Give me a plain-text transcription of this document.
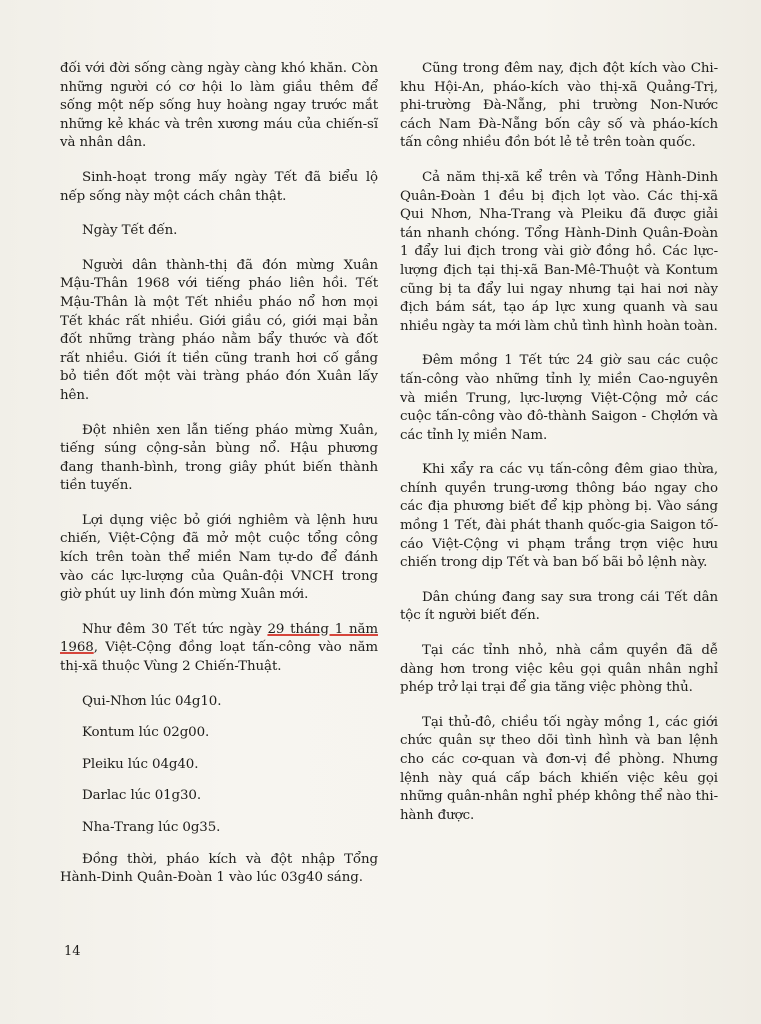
đối với đời sống càng ngày càng khó khăn. Còn những người có cơ hội lo làm giầu thêm để sống một nếp sống huy hoàng ngay trước mắt những kẻ khác và trên xương máu của chiến-sĩ và nhân dân.

Sinh-hoạt trong mấy ngày Tết đã biểu lộ nếp sống này một cách chân thật.

Ngày Tết đến.

Người dân thành-thị đã đón mừng Xuân Mậu-Thân 1968 với tiếng pháo liên hồi. Tết Mậu-Thân là một Tết nhiều pháo nổ hơn mọi Tết khác rất nhiều. Giới giầu có, giới mại bản đốt những tràng pháo nằm bẩy thước và đốt rất nhiều. Giới ít tiền cũng tranh hơi cố gắng bỏ tiền đốt một vài tràng pháo đón Xuân lấy hên.

Đột nhiên xen lẫn tiếng pháo mừng Xuân, tiếng súng cộng-sản bùng nổ. Hậu phương đang thanh-bình, trong giây phút biến thành tiền tuyến.

Lợi dụng việc bỏ giới nghiêm và lệnh hưu chiến, Việt-Cộng đã mở một cuộc tổng công kích trên toàn thể miền Nam tự-do để đánh vào các lực-lượng của Quân-đội VNCH trong giờ phút uy linh đón mừng Xuân mới.

Như đêm 30 Tết tức ngày 29 tháng 1 năm 1968, Việt-Cộng đồng loạt tấn-công vào năm thị-xã thuộc Vùng 2 Chiến-Thuật.

Qui-Nhơn lúc 04g10.

Kontum lúc 02g00.

Pleiku lúc 04g40.

Darlac lúc 01g30.

Nha-Trang lúc 0g35.

Đồng thời, pháo kích và đột nhập Tổng Hành-Dinh Quân-Đoàn 1 vào lúc 03g40 sáng.

Cũng trong đêm nay, địch đột kích vào Chi-khu Hội-An, pháo-kích vào thị-xã Quảng-Trị, phi-trường Đà-Nẵng, phi trường Non-Nước cách Nam Đà-Nẵng bốn cây số và pháo-kích tấn công nhiều đồn bót lẻ tẻ trên toàn quốc.

Cả năm thị-xã kể trên và Tổng Hành-Dinh Quân-Đoàn 1 đều bị địch lọt vào. Các thị-xã Qui Nhơn, Nha-Trang và Pleiku đã được giải tán nhanh chóng. Tổng Hành-Dinh Quân-Đoàn 1 đẩy lui địch trong vài giờ đồng hồ. Các lực-lượng địch tại thị-xã Ban-Mê-Thuột và Kontum cũng bị ta đẩy lui ngay nhưng tại hai nơi này địch bám sát, tạo áp lực xung quanh và sau nhiều ngày ta mới làm chủ tình hình hoàn toàn.

Đêm mồng 1 Tết tức 24 giờ sau các cuộc tấn-công vào những tỉnh lỵ miền Cao-nguyên và miền Trung, lực-lượng Việt-Cộng mở các cuộc tấn-công vào đô-thành Saigon - Chợlớn và các tỉnh lỵ miền Nam.

Khi xẩy ra các vụ tấn-công đêm giao thừa, chính quyền trung-ương thông báo ngay cho các địa phương biết để kịp phòng bị. Vào sáng mồng 1 Tết, đài phát thanh quốc-gia Saigon tố-cáo Việt-Cộng vi phạm trắng trợn việc hưu chiến trong dịp Tết và ban bố bãi bỏ lệnh này.

Dân chúng đang say sưa trong cái Tết dân tộc ít người biết đến.

Tại các tỉnh nhỏ, nhà cầm quyền đã dễ dàng hơn trong việc kêu gọi quân nhân nghỉ phép trở lại trại để gia tăng việc phòng thủ.

Tại thủ-đô, chiều tối ngày mồng 1, các giới chức quân sự theo dõi tình hình và ban lệnh cho các cơ-quan và đơn-vị đề phòng. Nhưng lệnh này quá cấp bách khiến việc kêu gọi những quân-nhân nghỉ phép không thể nào thi-hành được.

14
